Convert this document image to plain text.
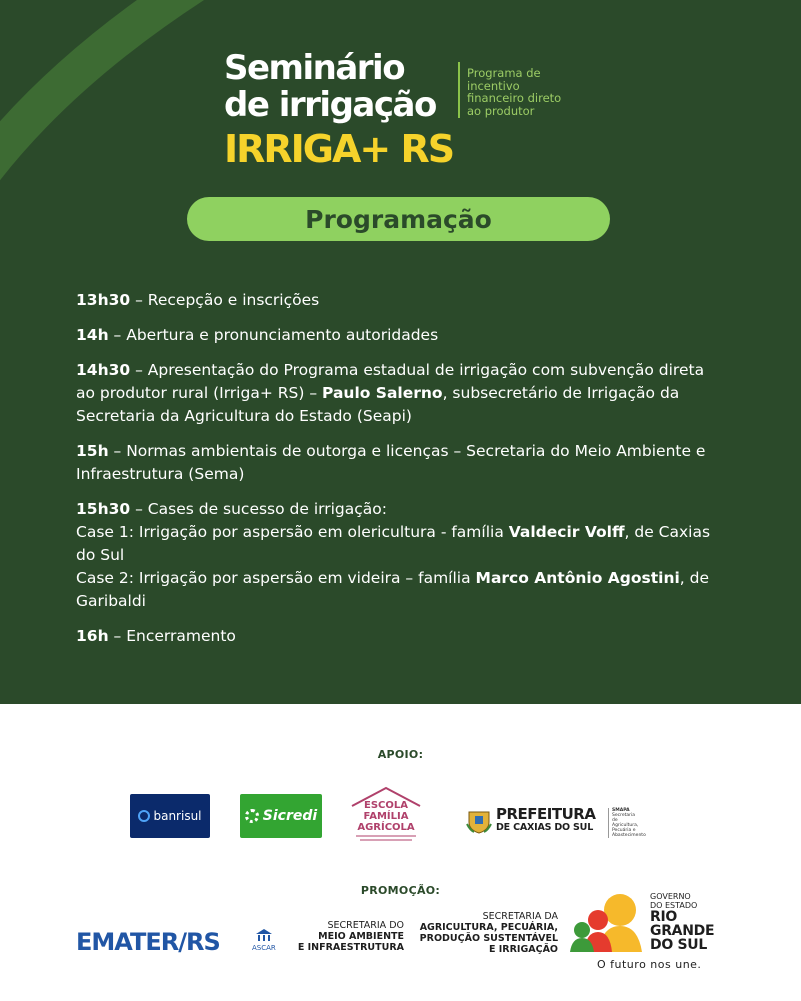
Seminário
de irrigação
Programa de
incentivo
financeiro direto
ao produtor
IRRIGA+ RS
Programação
13h30 – Recepção e inscrições
14h – Abertura e pronunciamento autoridades
14h30 – Apresentação do Programa estadual de irrigação com subvenção direta ao produtor rural (Irriga+ RS) – Paulo Salerno, subsecretário de Irrigação da Secretaria da Agricultura do Estado (Seapi)
15h – Normas ambientais de outorga e licenças – Secretaria do Meio Ambiente e Infraestrutura (Sema)
15h30 – Cases de sucesso de irrigação:
Case 1: Irrigação por aspersão em olericultura - família Valdecir Volff, de Caxias do Sul
Case 2: Irrigação por aspersão em videira – família Marco Antônio Agostini, de Garibaldi
16h – Encerramento
APOIO:
banrisul	Sicredi
ESCOLA
FAMÍLIA
AGRÍCOLA
PREFEITURA
DE CAXIAS DO SUL
SMAPA
Secretaria
de
Agricultura,
Pecuária e
Abastecimento
PROMOÇÃO:
EMATER/RS	ASCAR
SECRETARIA DO
MEIO AMBIENTE
E INFRAESTRUTURA
SECRETARIA DA
AGRICULTURA, PECUÁRIA,
PRODUÇÃO SUSTENTÁVEL
E IRRIGAÇÃO
GOVERNO
DO ESTADO
RIO
GRANDE
DO SUL
O futuro nos une.
